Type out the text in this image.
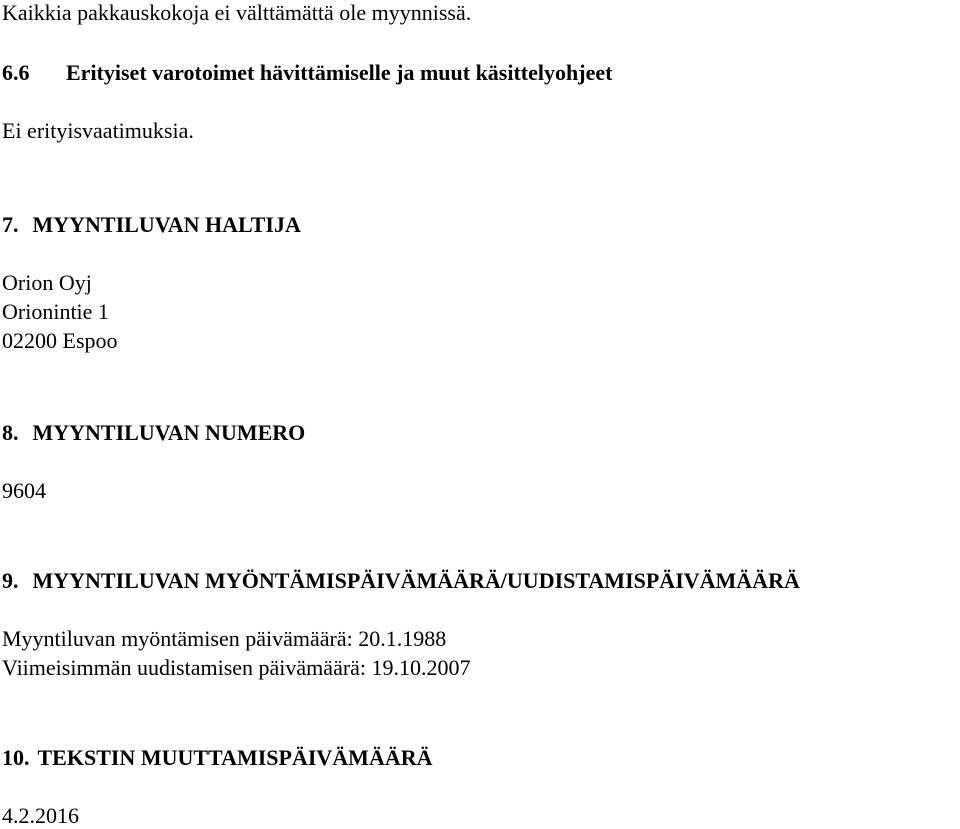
Kaikkia pakkauskokoja ei välttämättä ole myynnissä.
6.6 Erityiset varotoimet hävittämiselle ja muut käsittelyohjeet
Ei erityisvaatimuksia.
7. MYYNTILUVAN HALTIJA
Orion Oyj
Orionintie 1
02200 Espoo
8. MYYNTILUVAN NUMERO
9604
9. MYYNTILUVAN MYÖNTÄMISPÄIVÄMÄÄRÄ/UUDISTAMISPÄIVÄMÄÄRÄ
Myyntiluvan myöntämisen päivämäärä: 20.1.1988
Viimeisimmän uudistamisen päivämäärä: 19.10.2007
10. TEKSTIN MUUTTAMISPÄIVÄMÄÄRÄ
4.2.2016
